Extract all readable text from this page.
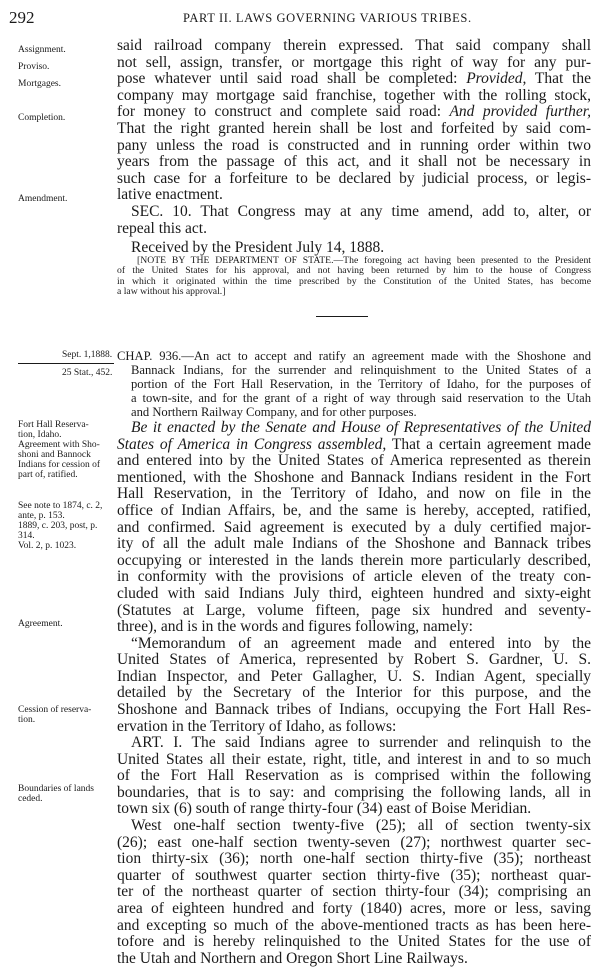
292	PART II. LAWS GOVERNING VARIOUS TRIBES.
Assignment.
Proviso.
Mortgages.
Completion.
Amendment.
said railroad company therein expressed. That said company shall
not sell, assign, transfer, or mortgage this right of way for any pur-
pose whatever until said road shall be completed: Provided, That the
company may mortgage said franchise, together with the rolling stock,
for money to construct and complete said road: And provided further,
That the right granted herein shall be lost and forfeited by said com-
pany unless the road is constructed and in running order within two
years from the passage of this act, and it shall not be necessary in
such case for a forfeiture to be declared by judicial process, or legis-
lative enactment.
SEC. 10. That Congress may at any time amend, add to, alter, or
repeal this act.
Received by the President July 14, 1888.
[NOTE BY THE DEPARTMENT OF STATE.—The foregoing act having been presented to the President
of the United States for his approval, and not having been returned by him to the house of Congress
in which it originated within the time prescribed by the Constitution of the United States, has become
a law without his approval.]
Sept. 1,1888.
25 Stat., 452.
CHAP. 936.—An act to accept and ratify an agreement made with the Shoshone and
Bannack Indians, for the surrender and relinquishment to the United States of a
portion of the Fort Hall Reservation, in the Territory of Idaho, for the purposes of
a town-site, and for the grant of a right of way through said reservation to the Utah
and Northern Railway Company, and for other purposes.
Fort Hall Reserva-
tion, Idaho.
Agreement with Sho-
shoni and Bannock
Indians for cession of
part of, ratified.
See note to 1874, c. 2,
ante, p. 153.
1889, c. 203, post, p. 314.
Vol. 2, p. 1023.
Agreement.
Cession of reserva-
tion.
Boundaries of lands
ceded.
Be it enacted by the Senate and House of Representatives of the United
States of America in Congress assembled, That a certain agreement made
and entered into by the United States of America represented as therein
mentioned, with the Shoshone and Bannack Indians resident in the Fort
Hall Reservation, in the Territory of Idaho, and now on file in the
office of Indian Affairs, be, and the same is hereby, accepted, ratified,
and confirmed. Said agreement is executed by a duly certified major-
ity of all the adult male Indians of the Shoshone and Bannack tribes
occupying or interested in the lands therein more particularly described,
in conformity with the provisions of article eleven of the treaty con-
cluded with said Indians July third, eighteen hundred and sixty-eight
(Statutes at Large, volume fifteen, page six hundred and seventy-
three), and is in the words and figures following, namely:
“Memorandum of an agreement made and entered into by the
United States of America, represented by Robert S. Gardner, U. S.
Indian Inspector, and Peter Gallagher, U. S. Indian Agent, specially
detailed by the Secretary of the Interior for this purpose, and the
Shoshone and Bannack tribes of Indians, occupying the Fort Hall Res-
ervation in the Territory of Idaho, as follows:
ART. I. The said Indians agree to surrender and relinquish to the
United States all their estate, right, title, and interest in and to so much
of the Fort Hall Reservation as is comprised within the following
boundaries, that is to say: and comprising the following lands, all in
town six (6) south of range thirty-four (34) east of Boise Meridian.
West one-half section twenty-five (25); all of section twenty-six
(26); east one-half section twenty-seven (27); northwest quarter sec-
tion thirty-six (36); north one-half section thirty-five (35); northeast
quarter of southwest quarter section thirty-five (35); northeast quar-
ter of the northeast quarter of section thirty-four (34); comprising an
area of eighteen hundred and forty (1840) acres, more or less, saving
and excepting so much of the above-mentioned tracts as has been here-
tofore and is hereby relinquished to the United States for the use of
the Utah and Northern and Oregon Short Line Railways.
